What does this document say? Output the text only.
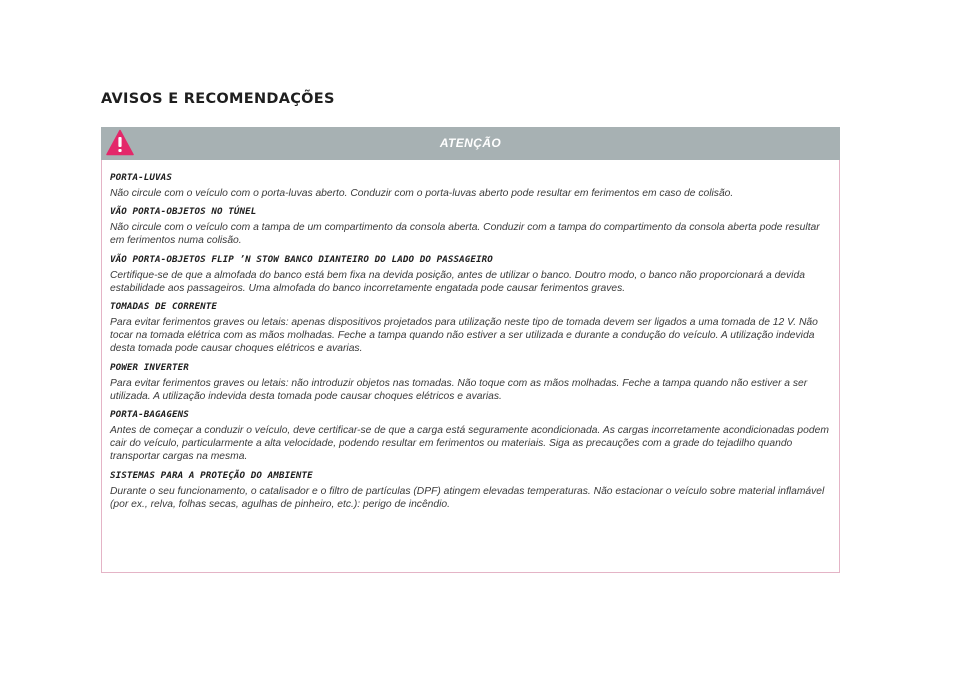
AVISOS E RECOMENDAÇÕES
ATENÇÃO
PORTA-LUVAS
Não circule com o veículo com o porta-luvas aberto. Conduzir com o porta-luvas aberto pode resultar em ferimentos em caso de colisão.
VÃO PORTA-OBJETOS NO TÚNEL
Não circule com o veículo com a tampa de um compartimento da consola aberta. Conduzir com a tampa do compartimento da consola aberta pode resultar em ferimentos numa colisão.
VÃO PORTA-OBJETOS FLIP ’N STOW BANCO DIANTEIRO DO LADO DO PASSAGEIRO
Certifique-se de que a almofada do banco está bem fixa na devida posição, antes de utilizar o banco. Doutro modo, o banco não proporcionará a devida estabilidade aos passageiros. Uma almofada do banco incorretamente engatada pode causar ferimentos graves.
TOMADAS DE CORRENTE
Para evitar ferimentos graves ou letais: apenas dispositivos projetados para utilização neste tipo de tomada devem ser ligados a uma tomada de 12 V. Não tocar na tomada elétrica com as mãos molhadas. Feche a tampa quando não estiver a ser utilizada e durante a condução do veículo. A utilização indevida desta tomada pode causar choques elétricos e avarias.
POWER INVERTER
Para evitar ferimentos graves ou letais: não introduzir objetos nas tomadas. Não toque com as mãos molhadas. Feche a tampa quando não estiver a ser utilizada. A utilização indevida desta tomada pode causar choques elétricos e avarias.
PORTA-BAGAGENS
Antes de começar a conduzir o veículo, deve certificar-se de que a carga está seguramente acondicionada. As cargas incorretamente acondicionadas podem cair do veículo, particularmente a alta velocidade, podendo resultar em ferimentos ou materiais. Siga as precauções com a grade do tejadilho quando transportar cargas na mesma.
SISTEMAS PARA A PROTEÇÃO DO AMBIENTE
Durante o seu funcionamento, o catalisador e o filtro de partículas (DPF) atingem elevadas temperaturas. Não estacionar o veículo sobre material inflamável (por ex., relva, folhas secas, agulhas de pinheiro, etc.): perigo de incêndio.
